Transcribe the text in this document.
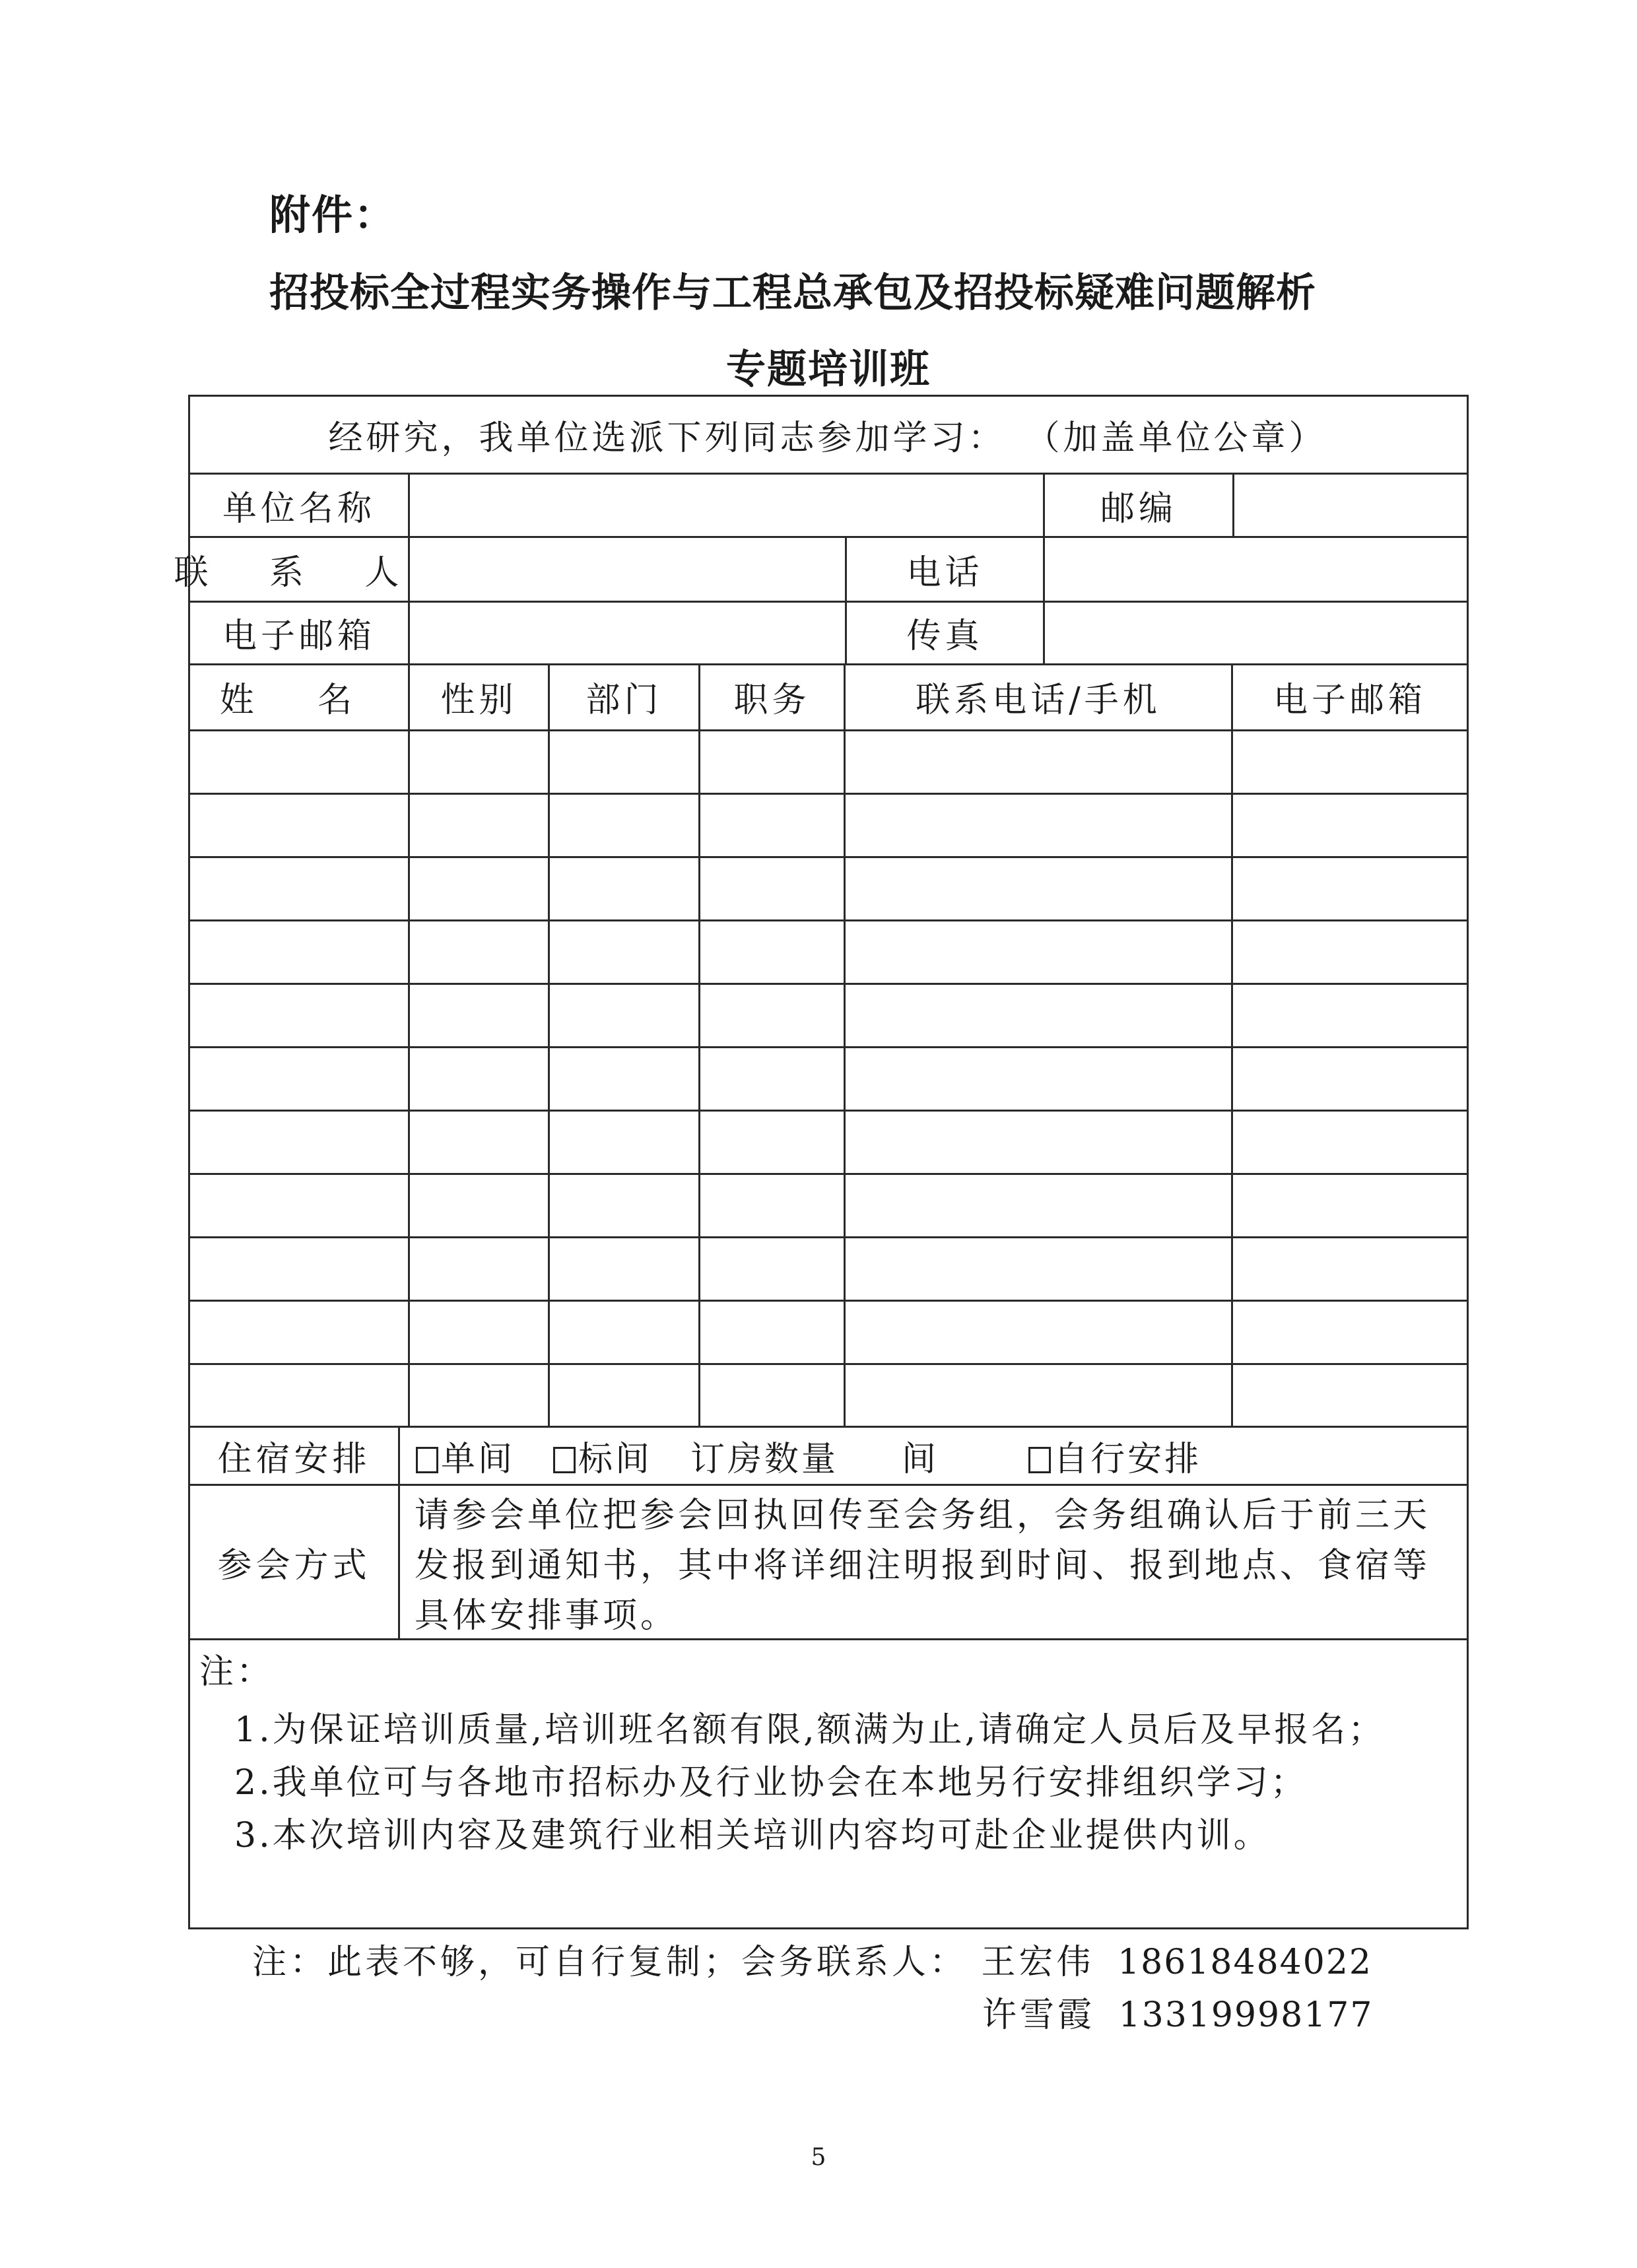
附件：
招投标全过程实务操作与工程总承包及招投标疑难问题解析
专题培训班
经研究，我单位选派下列同志参加学习： （加盖单位公章）
单位名称	邮编
联 系 人	电话
电子邮箱	传真
姓 名	性别	部门	职务	联系电话/手机	电子邮箱
住宿安排	单间	标间 订房数量 间	自行安排
参会方式
请参会单位把参会回执回传至会务组，会务组确认后于前三天发报到通知书，其中将详细注明报到时间、报到地点、食宿等具体安排事项。
注：
1.为保证培训质量,培训班名额有限,额满为止,请确定人员后及早报名；
2.我单位可与各地市招标办及行业协会在本地另行安排组织学习；
3.本次培训内容及建筑行业相关培训内容均可赴企业提供内训。
注：此表不够，可自行复制；会务联系人： 王宏伟 18618484022
许雪霞 13319998177
5
